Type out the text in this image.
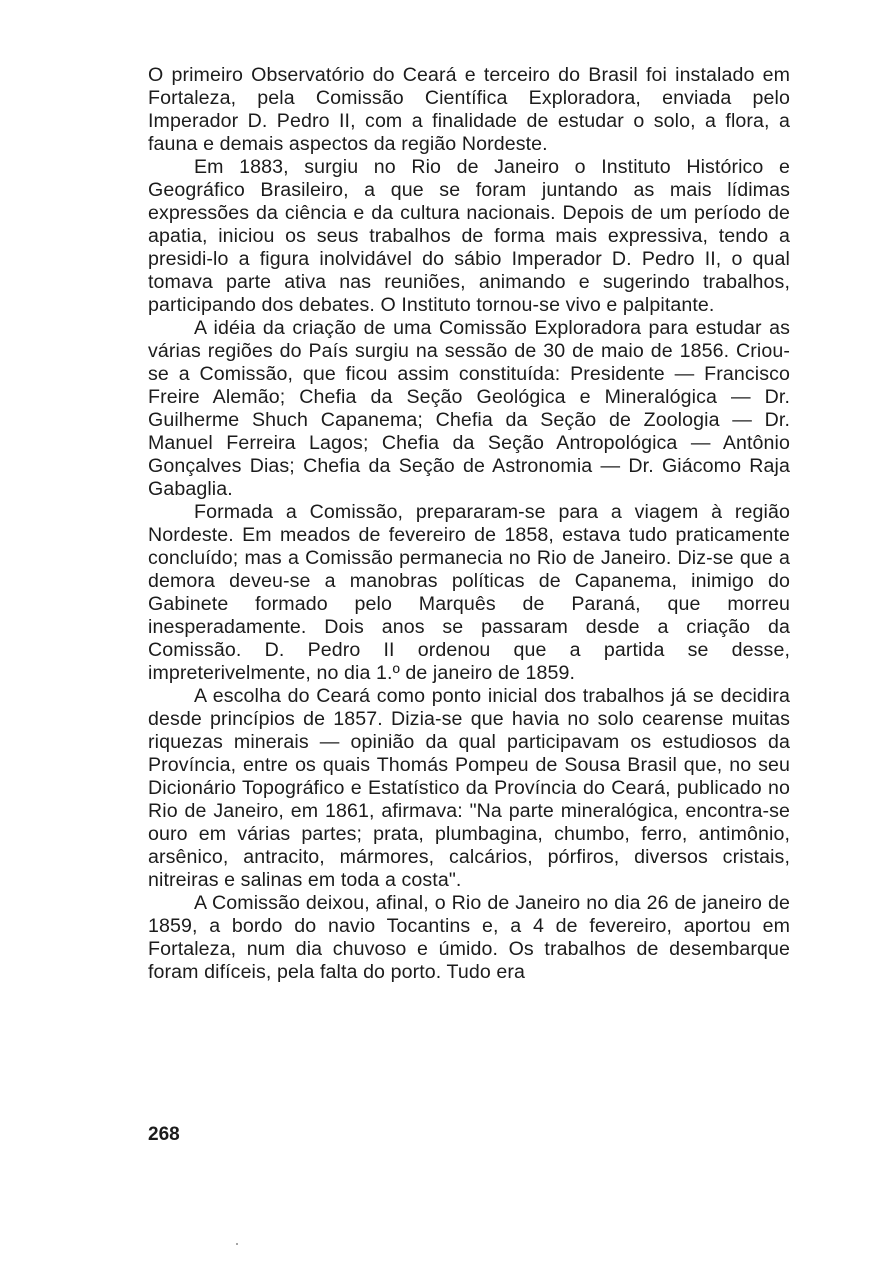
O primeiro Observatório do Ceará e terceiro do Brasil foi instalado em Fortaleza, pela Comissão Científica Exploradora, enviada pelo Imperador D. Pedro II, com a finalidade de estudar o solo, a flora, a fauna e demais aspectos da região Nordeste.

Em 1883, surgiu no Rio de Janeiro o Instituto Histórico e Geográfico Brasileiro, a que se foram juntando as mais lídimas expressões da ciência e da cultura nacionais. Depois de um período de apatia, iniciou os seus trabalhos de forma mais expressiva, tendo a presidi-lo a figura inolvidável do sábio Imperador D. Pedro II, o qual tomava parte ativa nas reuniões, animando e sugerindo trabalhos, participando dos debates. O Instituto tornou-se vivo e palpitante.

A idéia da criação de uma Comissão Exploradora para estudar as várias regiões do País surgiu na sessão de 30 de maio de 1856. Criou-se a Comissão, que ficou assim constituída: Presidente — Francisco Freire Alemão; Chefia da Seção Geológica e Mineralógica — Dr. Guilherme Shuch Capanema; Chefia da Seção de Zoologia — Dr. Manuel Ferreira Lagos; Chefia da Seção Antropológica — Antônio Gonçalves Dias; Chefia da Seção de Astronomia — Dr. Giácomo Raja Gabaglia.

Formada a Comissão, prepararam-se para a viagem à região Nordeste. Em meados de fevereiro de 1858, estava tudo praticamente concluído; mas a Comissão permanecia no Rio de Janeiro. Diz-se que a demora deveu-se a manobras políticas de Capanema, inimigo do Gabinete formado pelo Marquês de Paraná, que morreu inesperadamente. Dois anos se passaram desde a criação da Comissão. D. Pedro II ordenou que a partida se desse, impreterivelmente, no dia 1.º de janeiro de 1859.

A escolha do Ceará como ponto inicial dos trabalhos já se decidira desde princípios de 1857. Dizia-se que havia no solo cearense muitas riquezas minerais — opinião da qual participavam os estudiosos da Província, entre os quais Thomás Pompeu de Sousa Brasil que, no seu Dicionário Topográfico e Estatístico da Província do Ceará, publicado no Rio de Janeiro, em 1861, afirmava: "Na parte mineralógica, encontra-se ouro em várias partes; prata, plumbagina, chumbo, ferro, antimônio, arsênico, antracito, mármores, calcários, pórfiros, diversos cristais, nitreiras e salinas em toda a costa".

A Comissão deixou, afinal, o Rio de Janeiro no dia 26 de janeiro de 1859, a bordo do navio Tocantins e, a 4 de fevereiro, aportou em Fortaleza, num dia chuvoso e úmido. Os trabalhos de desembarque foram difíceis, pela falta do porto. Tudo era

268
